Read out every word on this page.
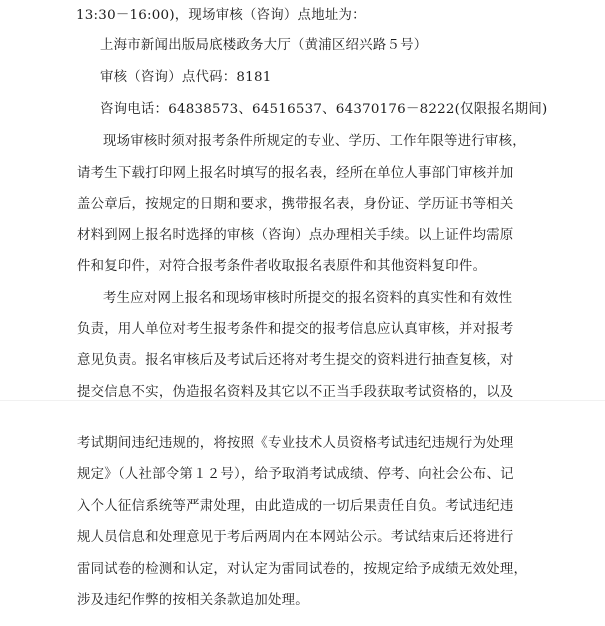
13:30－16:00)，现场审核（咨询）点地址为：
上海市新闻出版局底楼政务大厅（黄浦区绍兴路５号）
审核（咨询）点代码：8181
咨询电话：64838573、64516537、64370176－8222(仅限报名期间)
现场审核时须对报考条件所规定的专业、学历、工作年限等进行审核，
请考生下载打印网上报名时填写的报名表，经所在单位人事部门审核并加
盖公章后，按规定的日期和要求，携带报名表，身份证、学历证书等相关
材料到网上报名时选择的审核（咨询）点办理相关手续。以上证件均需原
件和复印件，对符合报考条件者收取报名表原件和其他资料复印件。
考生应对网上报名和现场审核时所提交的报名资料的真实性和有效性
负责，用人单位对考生报考条件和提交的报考信息应认真审核，并对报考
意见负责。报名审核后及考试后还将对考生提交的资料进行抽查复核，对
提交信息不实，伪造报名资料及其它以不正当手段获取考试资格的，以及
考试期间违纪违规的，将按照《专业技术人员资格考试违纪违规行为处理
规定》（人社部令第１２号），给予取消考试成绩、停考、向社会公布、记
入个人征信系统等严肃处理，由此造成的一切后果责任自负。考试违纪违
规人员信息和处理意见于考后两周内在本网站公示。考试结束后还将进行
雷同试卷的检测和认定，对认定为雷同试卷的，按规定给予成绩无效处理，
涉及违纪作弊的按相关条款追加处理。
